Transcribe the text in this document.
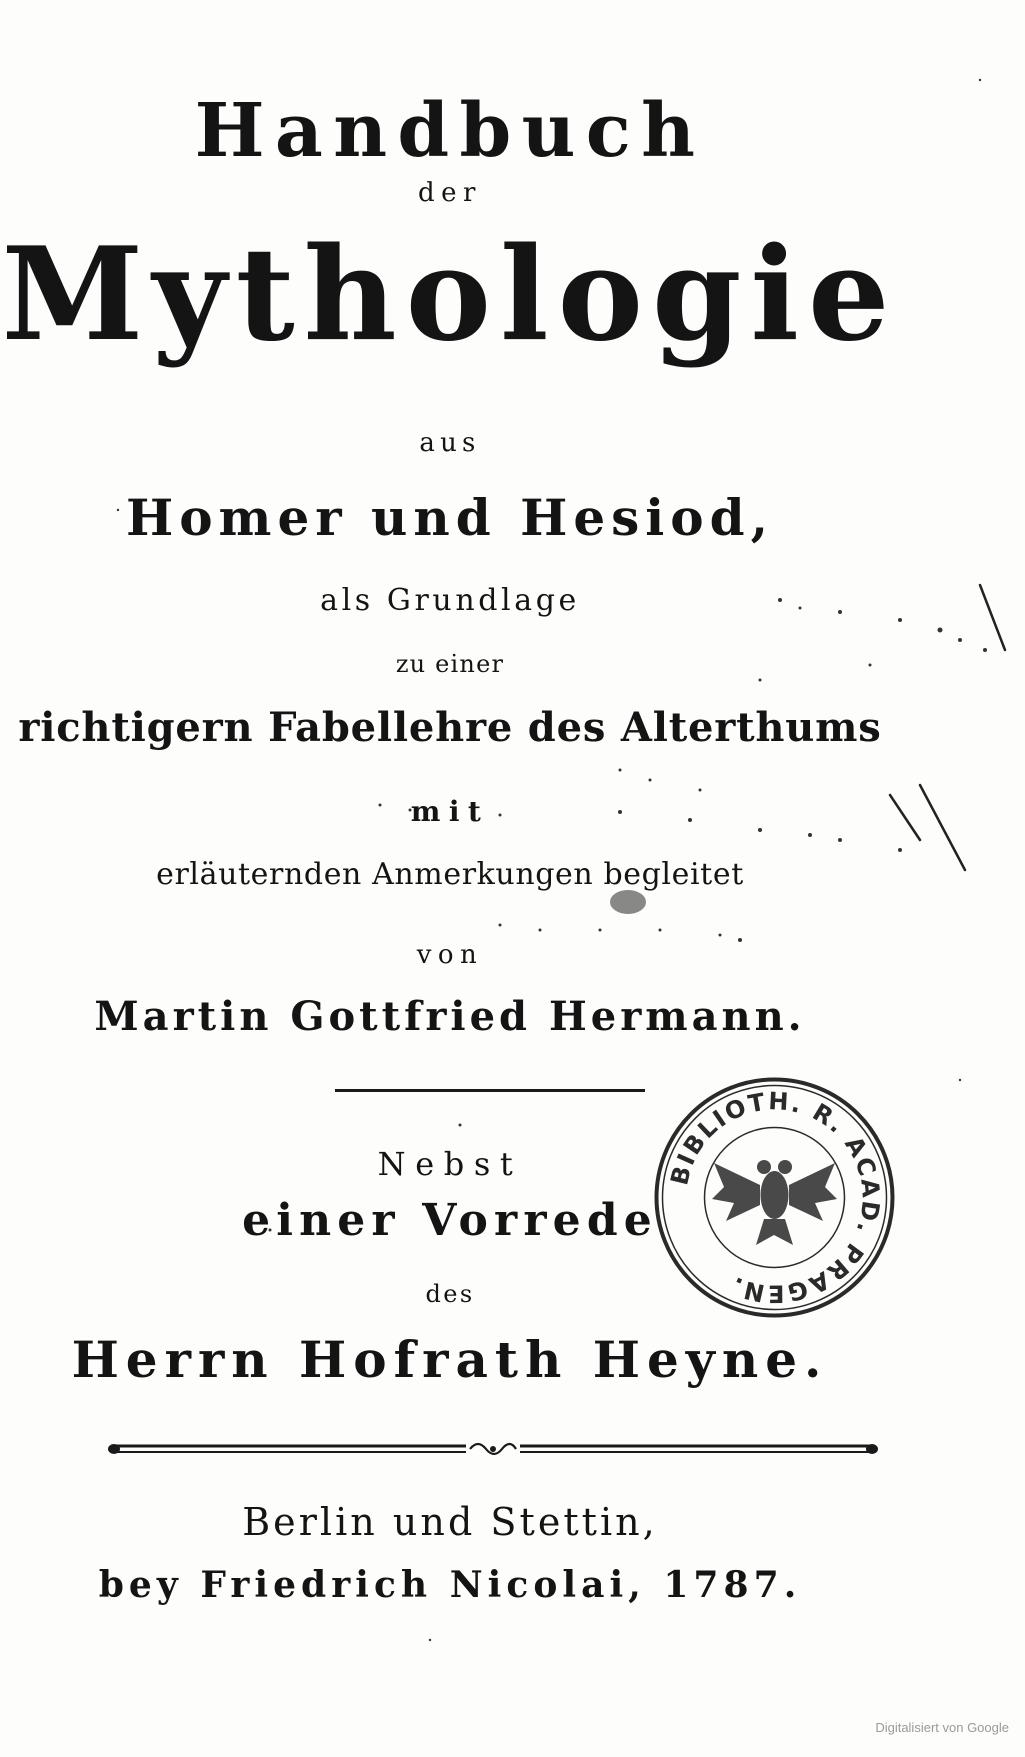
Handbuch
der
Mythologie
aus
Homer und Hesiod,
als Grundlage
zu einer
richtigern Fabellehre des Alterthums
mit
erläuternden Anmerkungen begleitet
von
Martin Gottfried Hermann.
Nebst
einer Vorrede
des
Herrn Hofrath Heyne.
Berlin und Stettin,
bey Friedrich Nicolai, 1787.
BIBLIOTH. R. ACAD. PRAGEN.
Digitalisiert von Google
